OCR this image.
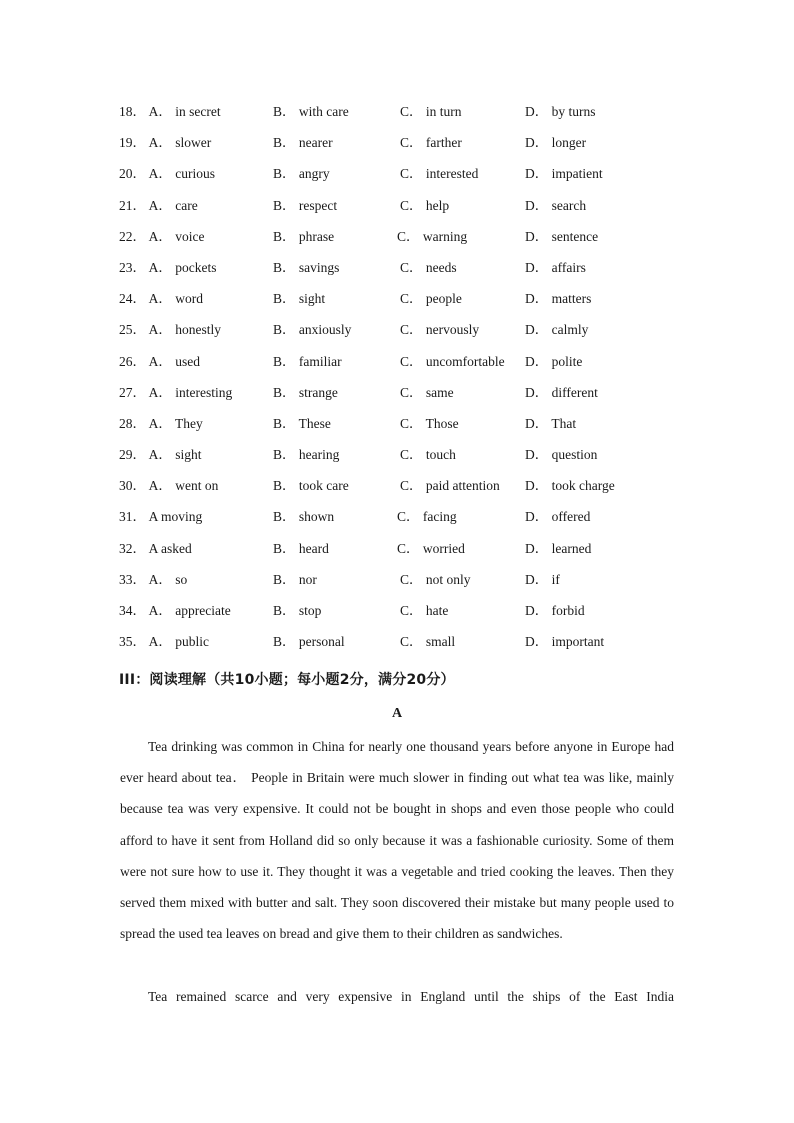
18． A． in secret	B． with care	C． in turn	D． by turns
19． A． slower	B． nearer	C． farther	D． longer
20． A． curious	B． angry	C． interested	D． impatient
21． A． care	B． respect	C． help	D． search
22． A． voice	B． phrase	C． warning	D． sentence
23． A． pockets	B． savings	C． needs	D． affairs
24． A． word	B． sight	C． people	D． matters
25． A． honestly	B． anxiously	C． nervously	D． calmly
26． A． used	B． familiar	C． uncomfortable D． polite
27． A． interesting	B． strange	C． same	D． different
28． A． They	B． These	C． Those	D． That
29． A． sight	B． hearing	C． touch	D． question
30． A． went on	B． took care	C． paid attention D． took charge
31． A moving	B． shown	C． facing	D． offered
32． A asked	B． heard	C． worried	D． learned
33． A． so	B． nor	C． not only	D． if
34． A． appreciate	B． stop	C． hate	D． forbid
35． A． public	B． personal	C． small	D． important
III：阅读理解（共10小题；每小题2分，满分20分）
A

Tea drinking was common in China for nearly one thousand years before anyone in Europe had ever heard about tea． People in Britain were much slower in finding out what tea was like, mainly because tea was very expensive. It could not be bought in shops and even those people who could afford to have it sent from Holland did so only because it was a fashionable curiosity. Some of them were not sure how to use it. They thought it was a vegetable and tried cooking the leaves. Then they served them mixed with butter and salt. They soon discovered their mistake but many people used to spread the used tea leaves on bread and give them to their children as sandwiches.

Tea remained scarce and very expensive in England until the ships of the East India
